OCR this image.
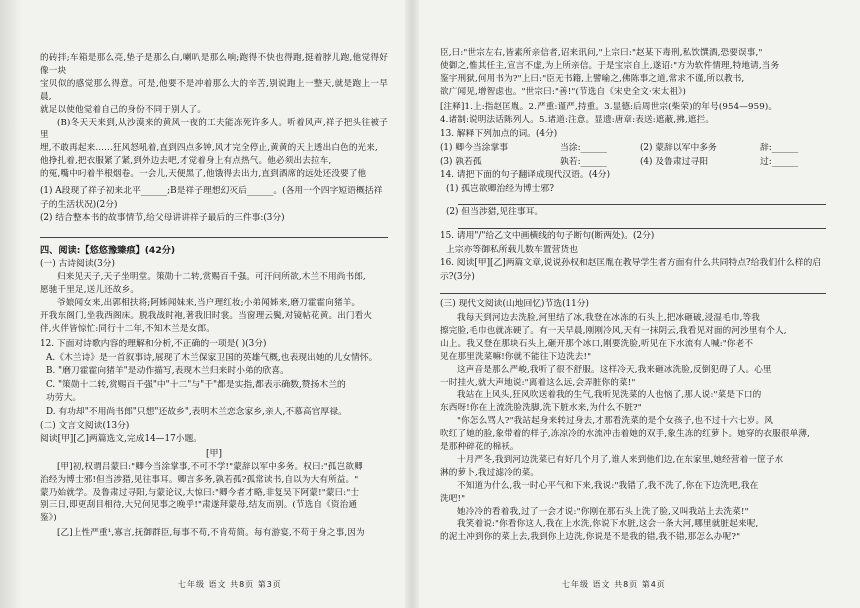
的砖拌;车箱是那么亮,垫子是那么白,喇叭是那么响;跑得不快也得跑,挺着脖儿跑,他觉得好像一块

宝贝似的感觉那么得意。可是,他要不是冲着那么大的辛苦,别说跑上一整天,就是跑上一早晨,

就足以使他觉着自己的身份不同于别人了。

(B)冬天天来到,从沙漠来的黄风一夜的工夫能冻死许多人。听着风声,祥子把头往被子里

埋,不敢再起来……狂风怒吼着,直到四点多钟,风才完全停止,黄黄的天上透出白色的光来,

他挣扎着,把衣服紧了紧,到外边去吧,才觉着身上有点热气。他必须出去拉车,

的冤,嘴中叼着半根烟卷。一会儿,天便黑了,他饿得去出力,直到酒席的远处还没要了他

(1) A段现了祥子初来北平______;B是祥子理想幻灭后______。(各用一个四字短语概括祥子的生活状况)(2分)

(2) 结合整本书的故事情节,给父母讲讲祥子最后的三件事:(3分)

四、阅读:【悠悠豫臻痕】(42分)

(一) 古诗阅读(3分)

归来见天子,天子坐明堂。策勋十二转,赏赐百千强。可汗问所欲,木兰不用尚书郎,

愿驰千里足,送儿还故乡。

爷娘闻女来,出郭相扶将;阿姊闻妹来,当户理红妆;小弟闻姊来,磨刀霍霍向猪羊。

开我东阁门,坐我西阁床。脱我战时袍,著我旧时裳。当窗理云鬓,对镜帖花黄。出门看火

伴,火伴皆惊忙:同行十二年,不知木兰是女郎。

12. 下面对诗歌内容的理解和分析,不正确的一项是( )(3分)

A.《木兰诗》是一首叙事诗,展现了木兰保家卫国的英雄气概,也表现出她的儿女情怀。

B. "磨刀霍霍向猪羊"是动作描写,表现木兰归来时小弟的欣喜。

C. "策勋十二转,赏赐百千强"中"十二"与"千"都是实指,都表示确数,赞扬木兰的

功劳大。

D. 有功却"不用尚书郎"只想"还故乡",表明木兰恋念家乡,亲人,不慕高官厚禄。

(二) 文言文阅读(13分)

阅读[甲][乙]两篇选文,完成14—17小题。

[甲]

[甲]初,权谓吕蒙曰:"卿今当涂掌事,不可不学!"蒙辞以军中多务。权曰:"孤岂欲卿

治经为博士邪!但当涉猎,见往事耳。卿言多务,孰若孤?孤常读书,自以为大有所益。"

蒙乃始就学。及鲁肃过寻阳,与蒙论议,大惊曰:"卿今者才略,非复吴下阿蒙!"蒙曰:"士

别三日,即更刮目相待,大兄何见事之晚乎!"肃遂拜蒙母,结友而别。(节选自《资治通

鉴》)

[乙]上性严重¹,寡言,抚御群臣,每事不苟,不肯苟简。每有游宴,不苟于身之事,因为

七年级 语文 共8页 第3页

臣,曰:"世宗左右,皆素所亲信者,诏来讯问,"上宗曰:"赵某下毒刑,私饮馔酒,恐要误事,"

使御之,惟其任主,宣言不虚,为上所亲信。于是宝宗自上,遂诏:"方为软件情理,特地请,当务

鉴宇刑狱,何用书为?"上曰:"臣无书籍,上譬喻之,佛陈事之道,常求不谨,所以教书,

欲广闻见,增智虑也。"世宗曰:"善!"(节选自《宋史全文·宋太祖》)

[注释]1.上:指赵匡胤。2.严重:谨严,持重。3.显德:后周世宗(柴荣)的年号(954—959)。

4.诸制:说明法话陈列人。5.诸道:注意。显遗:唐章:表送:遮蔽,拂,遮拦。

13. 解释下列加点的词。(4分)

(1) 卿今当涂掌事	当涂:______	(2) 蒙辞以军中多务	辞:______
(3) 孰若孤	孰若:______	(4) 及鲁肃过寻阳	过:______

14. 请把下面的句子翻译成现代汉语。(4分)

(1) 孤岂欲卿治经为博士邪?

(2) 但当涉猎,见往事耳。

15. 请用"/"给乙文中画横线的句子断句(断两处)。(2分)

上宗亦等御私所载儿数车置营货也

16. 阅读[甲][乙]两篇文章,说说孙权和赵匡胤在教导学生者方面有什么共同特点?给我们什么样的启示?(3分)

(三) 现代文阅读(山地回忆)节选(11分)

我每天到河边去洗脸,河里结了冰,我登在冰冻的石头上,把冰砸破,浸湿毛巾,等我

擦完脸,毛巾也就冻硬了。有一天早晨,刚刚冷风,天有一抹阴云,我看见对面的河沙里有个人,

山上。我又登在那块石头上,砸开那个冰口,刚要洗脸,听见在下水流有人喊:"你老不

见在那里洗菜嘛!你就不能往下边洗去!"

这声音是那么严峻,我听了很不舒服。这样冷天,我来砸冰洗脸,反倒犯碍了人。心里

一时挂火,就大声地说:"离着这么远,会弄脏你的菜!"

我站在上风头,狂风吹送着我的生气,我听见洗菜的人也恼了,那人说:"菜是下口的

东西呀!你在上流洗脸洗脚,洗下脏水来,为什么不脏?"

"你怎么骂人?"我站起身来转过身去,才那看洗菜的是个女孩子,也不过十六七岁。风

吹红了她的脸,象带着的样子,冻凉冷的水流冲击着她的双手,象生冻的红萝卜。她穿的衣服很单薄,

是那种碎花的棉袄。

十月严冬,我到河边洗菜已有好几个月了,谁人来到他们边,在东家里,她经营着一筐子水

淋的萝卜,我过滤冷的菜。

不知道为什么,我一时心平气和下来,我说:"我错了,我不洗了,你在下边洗吧,我在

洗吧!"

她冷冷的看着我,过了一会才说:"你刚在那石头上洗了脸,又叫我站上去洗菜!"

我笑着说:"你看你这人,我在上水洗,你说下水脏,这会一条大河,哪里就脏起来呢,

的泥土冲到你的菜上去,我到你上边洗,你说是不是我的错,我不错,那怎么办呢?"

七年级 语文 共8页 第4页
